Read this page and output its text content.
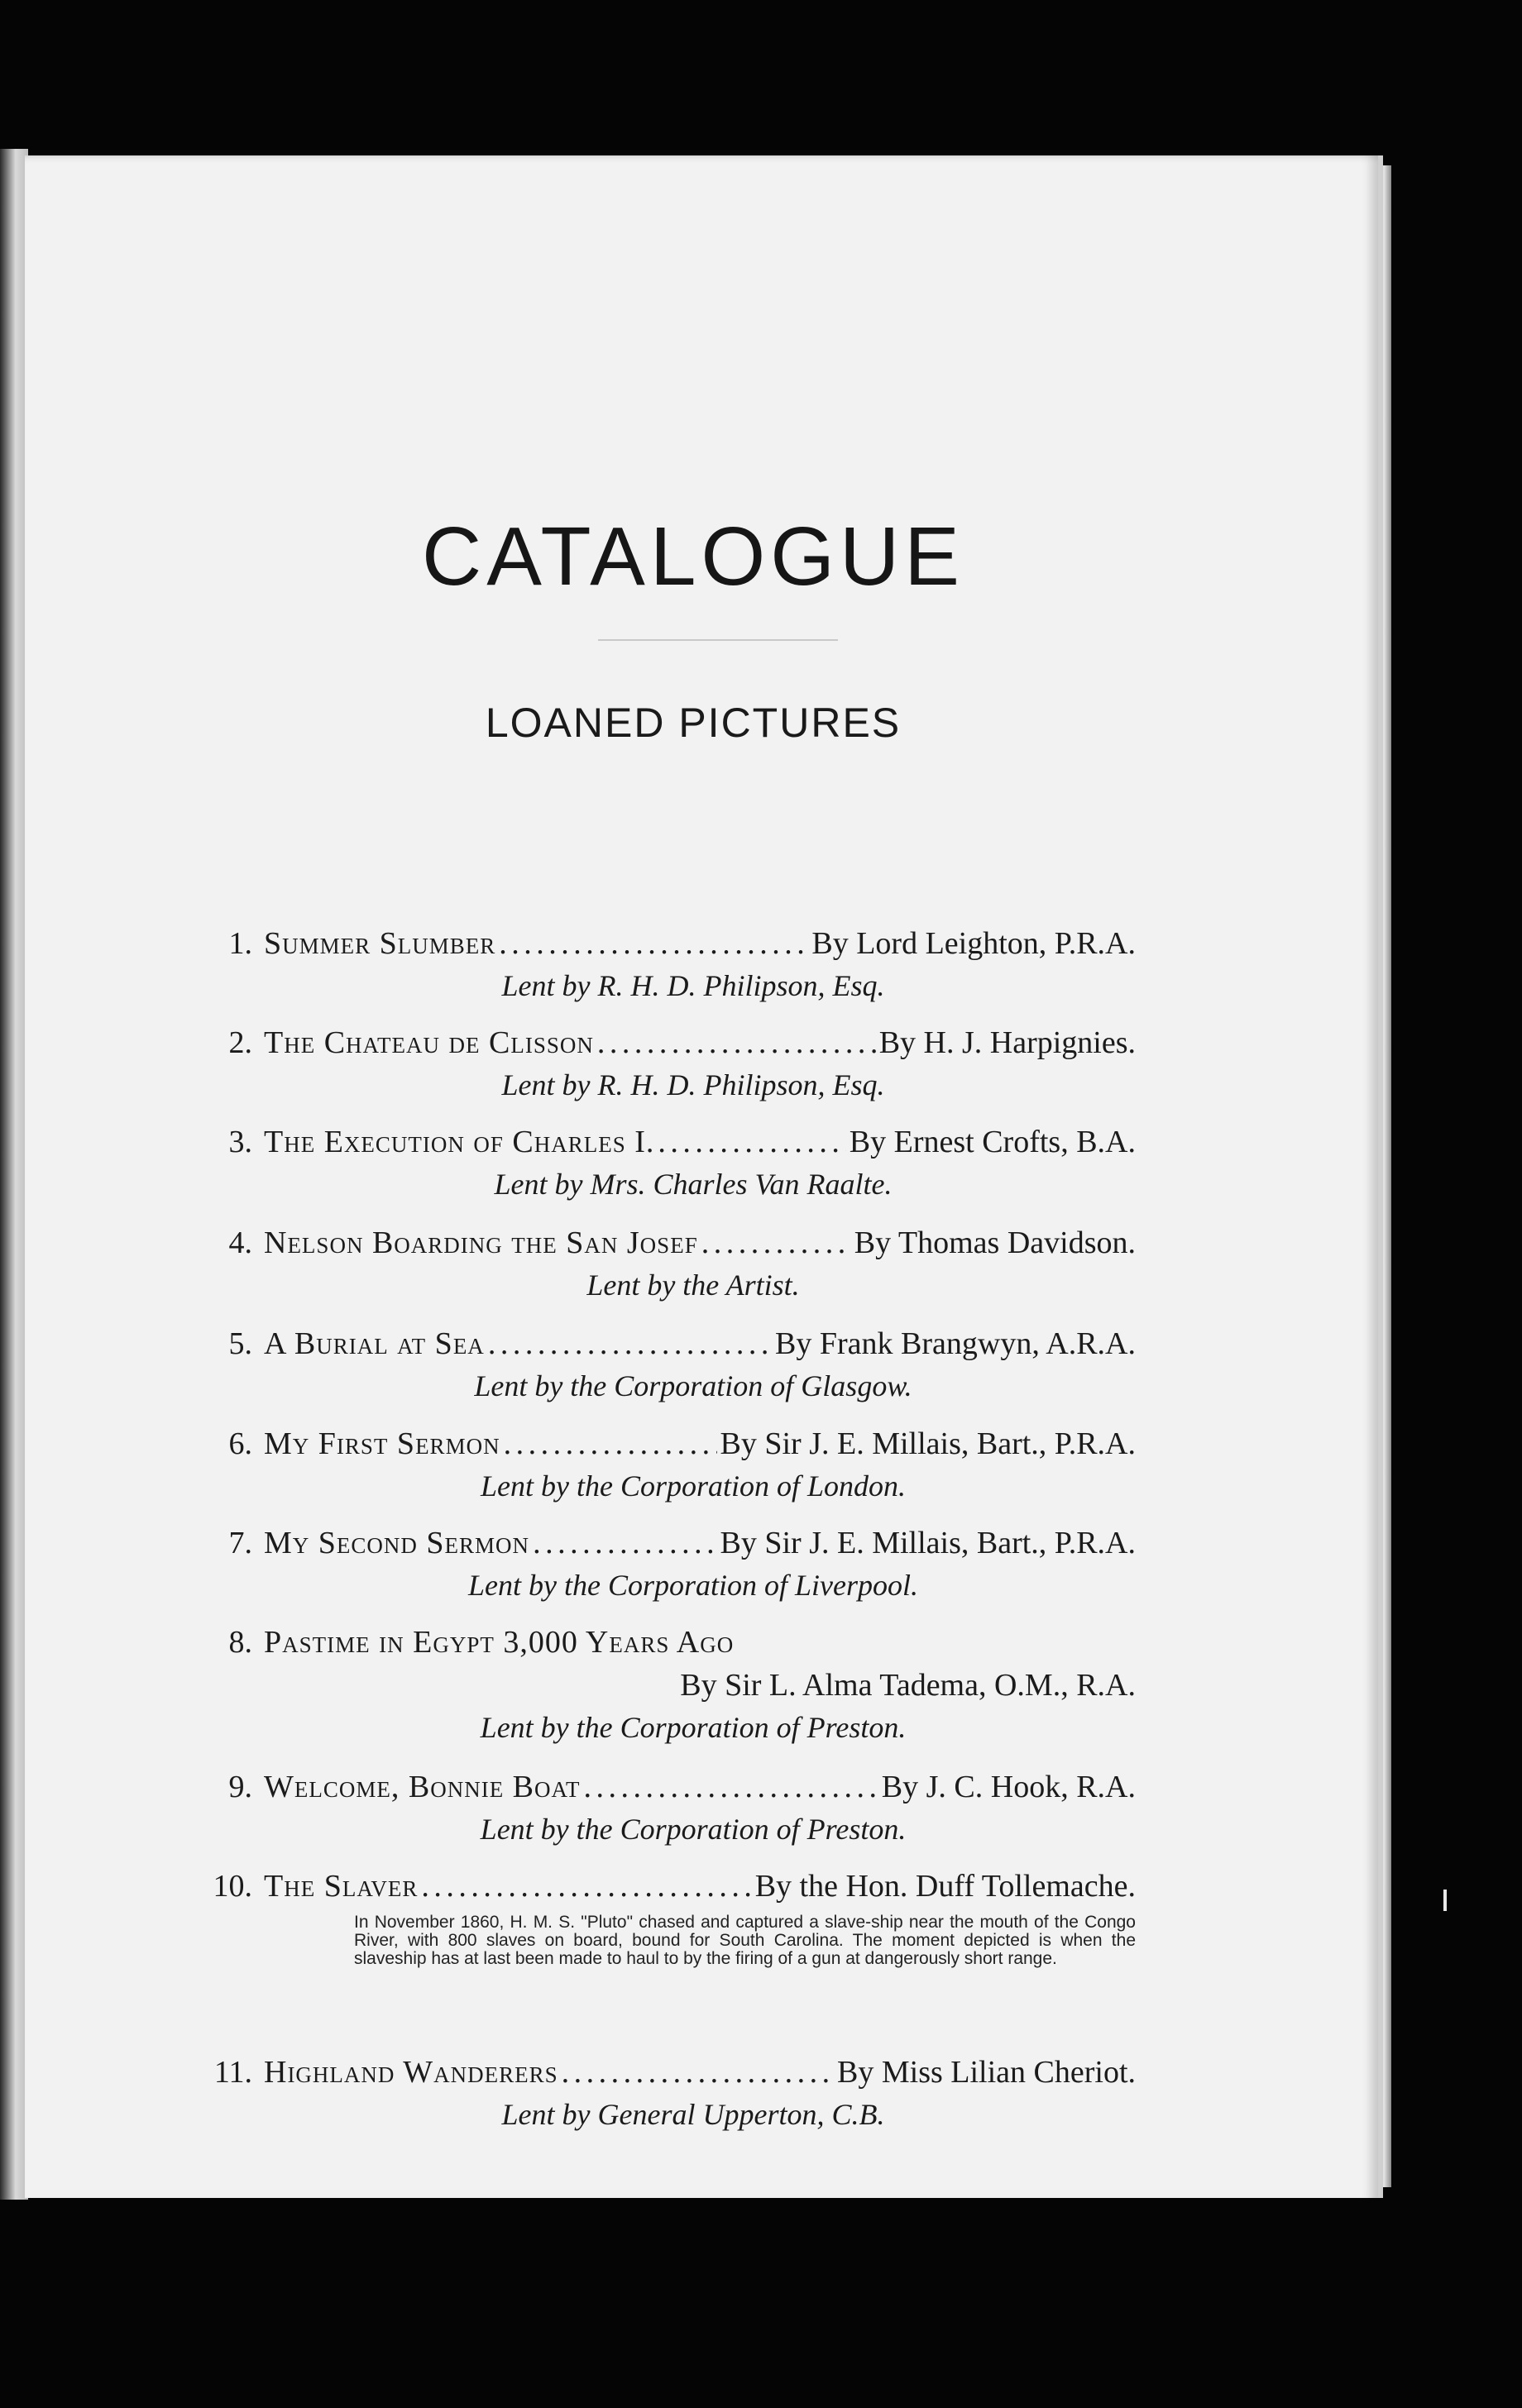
CATALOGUE
LOANED PICTURES
1. Summer Slumber . . .	By Lord Leighton, P.R.A.
Lent by R. H. D. Philipson, Esq.
2. The Chateau de Clisson . . .	By H. J. Harpignies.
Lent by R. H. D. Philipson, Esq.
3. The Execution of Charles I. . . .	By Ernest Crofts, B.A.
Lent by Mrs. Charles Van Raalte.
4. Nelson Boarding the San Josef . . .	By Thomas Davidson.
Lent by the Artist.
5. A Burial at Sea . . .	By Frank Brangwyn, A.R.A.
Lent by the Corporation of Glasgow.
6. My First Sermon . . .	By Sir J. E. Millais, Bart., P.R.A.
Lent by the Corporation of London.
7. My Second Sermon . . .	By Sir J. E. Millais, Bart., P.R.A.
Lent by the Corporation of Liverpool.
8. Pastime in Egypt 3,000 Years Ago
By Sir L. Alma Tadema, O.M., R.A.
Lent by the Corporation of Preston.
9. Welcome, Bonnie Boat . . .	By J. C. Hook, R.A.
Lent by the Corporation of Preston.
10. The Slaver . . .	By the Hon. Duff Tollemache.
In November 1860, H. M. S. "Pluto" chased and captured a slave-ship near the mouth of the Congo River, with 800 slaves on board, bound for South Carolina. The moment depicted is when the slaveship has at last been made to haul to by the firing of a gun at dangerously short range.
11. Highland Wanderers . . .	By Miss Lilian Cheriot.
Lent by General Upperton, C.B.
